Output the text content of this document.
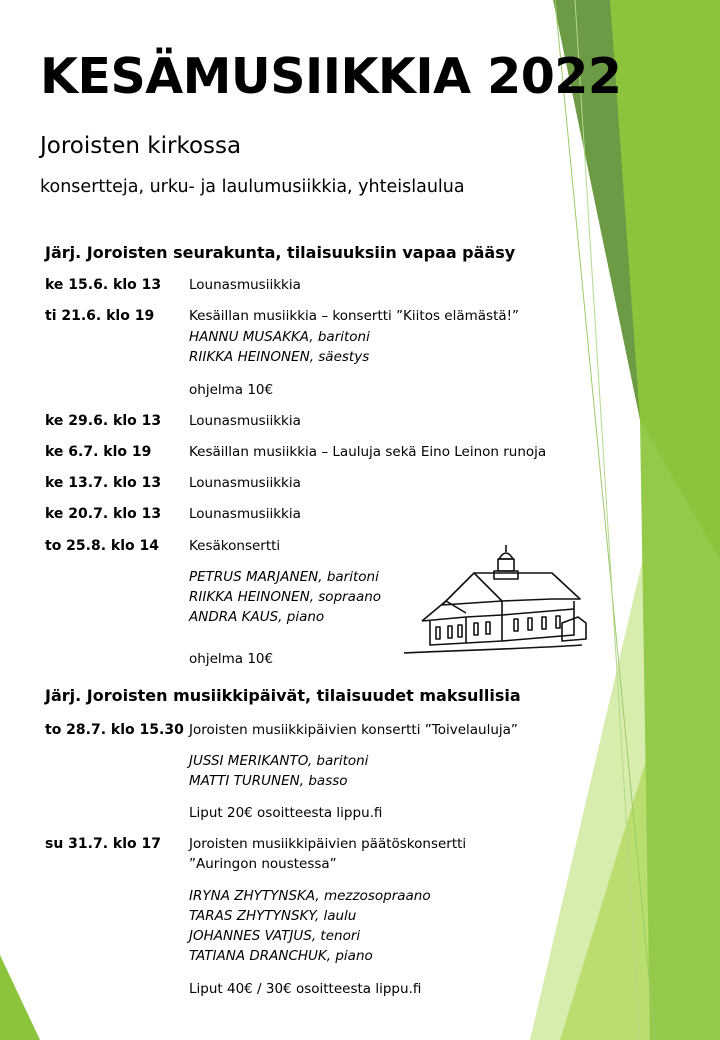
KESÄMUSIIKKIA 2022
Joroisten kirkossa
konsertteja, urku- ja laulumusiikkia, yhteislaulua
Järj. Joroisten seurakunta, tilaisuuksiin vapaa pääsy
ke 15.6. klo 13 Lounasmusiikkia
ti 21.6. klo 19	Kesäillan musiikkia – konsertti ”Kiitos elämästä!”
HANNU MUSAKKA, baritoni
RIIKKA HEINONEN, säestys
ohjelma 10€
ke 29.6. klo 13 Lounasmusiikkia
ke 6.7. klo 19	Kesäillan musiikkia – Lauluja sekä Eino Leinon runoja
ke 13.7. klo 13 Lounasmusiikkia
ke 20.7. klo 13 Lounasmusiikkia
to 25.8. klo 14 Kesäkonsertti
PETRUS MARJANEN, baritoni
RIIKKA HEINONEN, sopraano
ANDRA KAUS, piano
ohjelma 10€
Järj. Joroisten musiikkipäivät, tilaisuudet maksullisia
to 28.7. klo 15.30 Joroisten musiikkipäivien konsertti ”Toivelauluja”
JUSSI MERIKANTO, baritoni
MATTI TURUNEN, basso
Liput 20€ osoitteesta lippu.fi
su 31.7. klo 17 Joroisten musiikkipäivien päätöskonsertti
”Auringon noustessa”
IRYNA ZHYTYNSKA, mezzosopraano
TARAS ZHYTYNSKY, laulu
JOHANNES VATJUS, tenori
TATIANA DRANCHUK, piano
Liput 40€ / 30€ osoitteesta lippu.fi
